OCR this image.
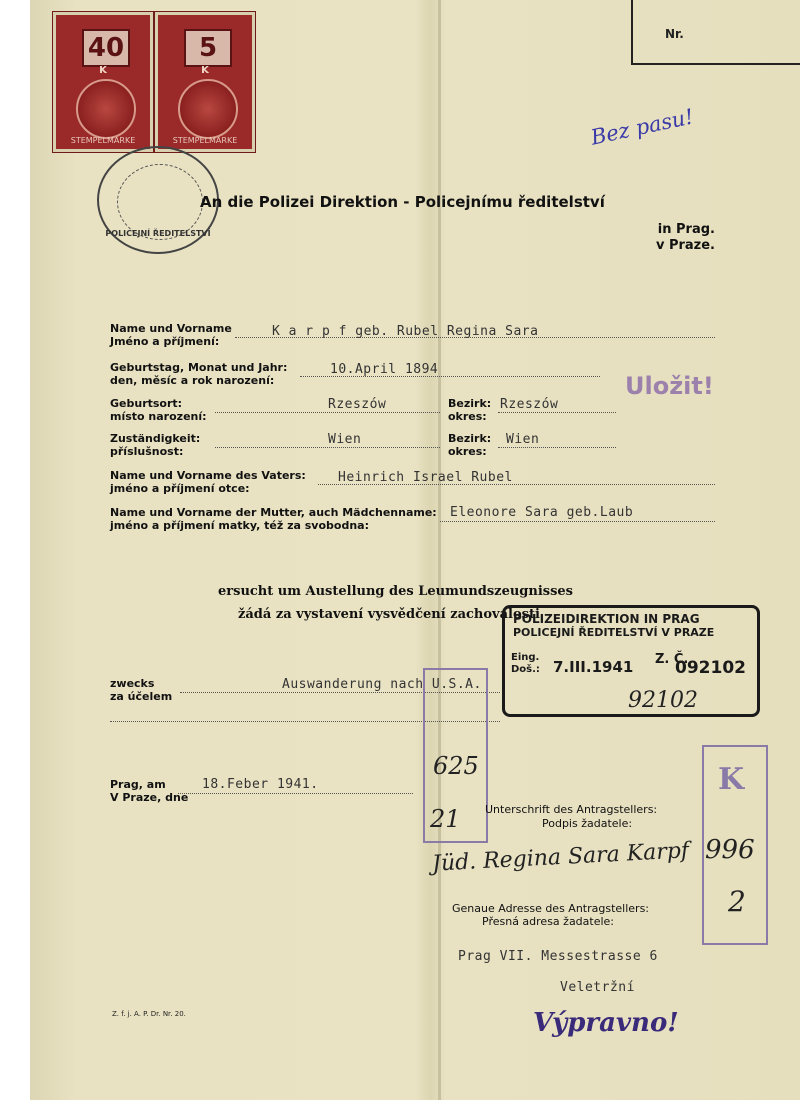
Nr.
40
K
STEMPELMARKE
5
K
STEMPELMARKE
POLICEJNÍ ŘEDITELSTVÍ
An die Polizei Direktion - Policejnímu ředitelství
in Prag.
v Praze.
Bez pasu!
Uložit!
Name und Vorname
Jméno a příjmení:
K a r p f geb. Rubel Regina Sara
Geburtstag, Monat und Jahr:
den, měsíc a rok narození:
10.April 1894
Geburtsort:
místo narození:
Rzeszów	Bezirk:
okres:
Rzeszów
Zuständigkeit:
příslušnost:
Wien	Bezirk:
okres:
Wien
Name und Vorname des Vaters:
jméno a příjmení otce:
Heinrich Israel Rubel
Name und Vorname der Mutter, auch Mädchenname:
jméno a příjmení matky, též za svobodna:
Eleonore Sara geb.Laub
ersucht um Austellung des Leumundszeugnisses
žádá za vystavení vysvědčení zachovalosti
POLIZEIDIREKTION IN PRAG
POLICEJNÍ ŘEDITELSTVÍ V PRAZE
Eing.
Doš.: 7.III.1941 Z. Č.
092102
92102
zwecks
za účelem
Auswanderung nach U.S.A.
K
625
21
996
2
Prag, am
V Praze, dne
18.Feber 1941.
Unterschrift des Antragstellers:
Podpis žadatele:
Jüd. Regina Sara Karpf
Genaue Adresse des Antragstellers:
Přesná adresa žadatele:
Prag VII. Messestrasse 6
Veletržní
Výpravno!
Z. f. j. A. P. Dr. Nr. 20.
